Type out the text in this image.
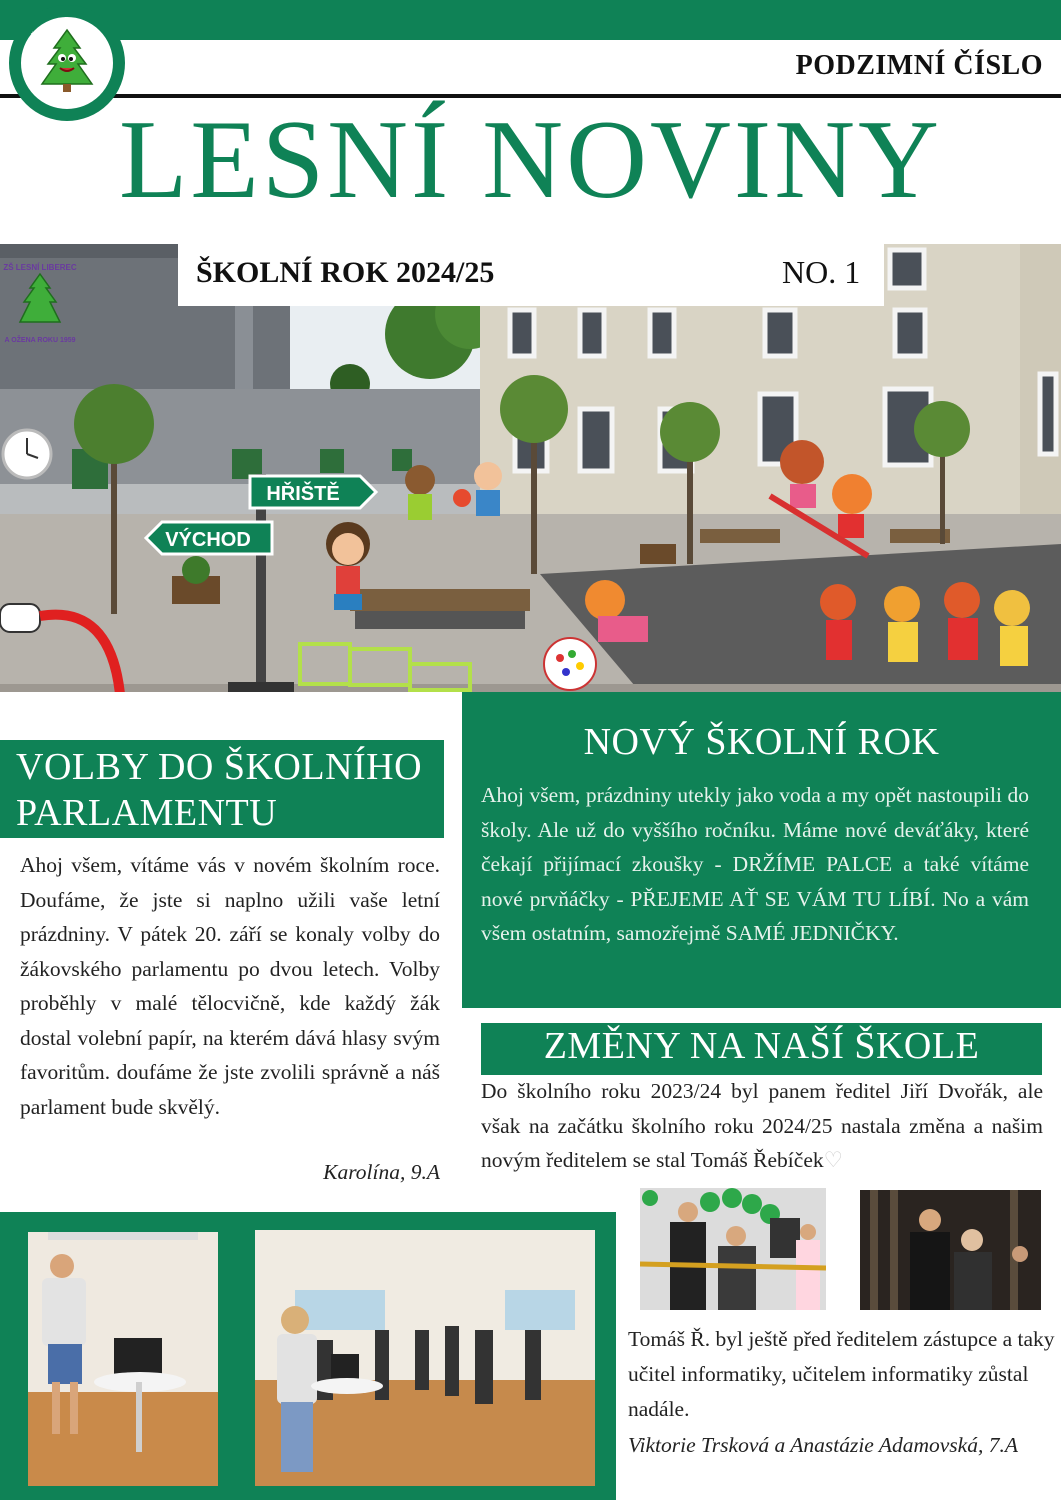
PODZIMNÍ ČÍSLO
ZŠ LESNÍ LIBEREC
ZALOŽENA ROKU 1959
LESNÍ NOVINY
HŘIŠTĚ
VÝCHOD
ZŠ LESNÍ LIBEREC
A OŽENA ROKU 1959
ŠKOLNÍ ROK 2024/25	NO. 1
VOLBY DO ŠKOLNÍHO PARLAMENTU
Ahoj všem, vítáme vás v novém školním roce. Doufáme, že jste si naplno užili vaše letní prázdniny. V pátek 20. září se konaly volby do žákovského parlamentu po dvou letech. Volby proběhly v malé tělocvičně, kde každý žák dostal volební papír, na kterém dává hlasy svým favoritům. doufáme že jste zvolili správně a náš parlament bude skvělý.
Karolína, 9.A
NOVÝ ŠKOLNÍ ROK
Ahoj všem, prázdniny utekly jako voda a my opět nastoupili do školy. Ale už do vyššího ročníku. Máme nové deváťáky, které čekají přijímací zkoušky - DRŽÍME PALCE a také vítáme nové prvňáčky - PŘEJEME AŤ SE VÁM TU LÍBÍ. No a vám všem ostatním, samozřejmě SAMÉ JEDNIČKY.
ZMĚNY NA NAŠÍ ŠKOLE
Do školního roku 2023/24 byl panem ředitel Jiří Dvořák, ale však na začátku školního roku 2024/25 nastala změna a našim novým ředitelem se stal Tomáš Řebíček♡
Tomáš Ř. byl ještě před ředitelem zástupce a taky učitel informatiky, učitelem informatiky zůstal nadále.
Viktorie Trsková a Anastázie Adamovská, 7.A
